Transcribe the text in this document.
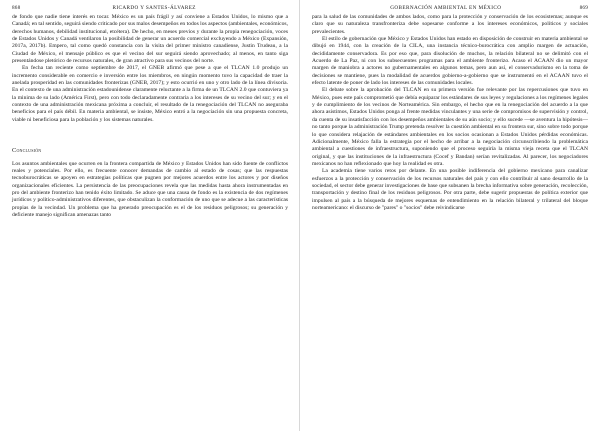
868	RICARDO Y SANTES-ÁLVAREZ

de fondo que nadie tiene interés en tocar. México es un país frágil y así conviene a Estados Unidos, lo mismo que a Canadá; en tal sentido, seguirá siendo criticado por sus malos desempeños en todos los aspectos (ambientales, económicos, derechos humanos, debilidad institucional, etcétera). De hecho, en meses previos y durante la propia renegociación, voces de Estados Unidos y Canadá ventilaron la posibilidad de generar un acuerdo comercial excluyendo a México (Expansión, 2017a, 2017b). Empero, tal como quedó constancia con la visita del primer ministro canadiense, Justin Trudeau, a la Ciudad de México, el mensaje público es que el vecino del sur seguirá siendo aprovechado; al menos, en tanto siga presentándose pletórico de recursos naturales, de gran atractivo para sus vecinos del norte.

En fecha tan reciente como septiembre de 2017, el GNEB afirmó que pese a que el TLCAN 1.0 produjo un incremento considerable en comercio e inversión entre los miembros, en ningún momento tuvo la capacidad de traer la anelada prosperidad en las comunidades fronterizas (GNEB, 2017); y esto ocurrió en uno y otro lado de la línea divisoria. En el contexto de una administración estadounidense claramente reluctante a la firma de un TLCAN 2.0 que contuviera ya la minima de su lado (América First), pero con todo declaradamente contraria a los intereses de su vecino del sur; y en el contexto de una administración mexicana próxima a concluir, el resultado de la renegociación del TLCAN no aseguraba beneficios para el país débil. En materia ambiental, se insiste, México entró a la negociación sin una propuesta concreta, viable ni beneficiosa para la población y los sistemas naturales.

Conclusión

Los asuntos ambientales que ocurren en la frontera compartida de México y Estados Unidos han sido fuente de conflictos reales y potenciales. Por ello, es frecuente conocer demandas de cambio al estado de cosas; que las respuestas tecnoburocráticas se apoyen en estrategias políticas que pugnen por mejores acuerdos entre los actores y por diseños organizacionales eficientes. La persistencia de las preocupaciones revela que las medidas hasta ahora instrumentadas en pro del ambiente fronterizo han tenido éxito limitado. Se aduce que una causa de fondo es la existencia de dos regímenes jurídicos y político-administrativos diferentes, que obstaculizan la conformación de uno que se adecue a las características propias de la vecindad. Un problema que ha generado preocupación es el de los residuos peligrosos; su generación y deficiente manejo significan amenazas tanto

GOBERNACIÓN AMBIENTAL EN MÉXICO	869

para la salud de las comunidades de ambos lados, como para la protección y conservación de los ecosistemas; aunque es claro que su naturaleza transfronteriza debe sopesarse conforme a los intereses económicos, políticos y sociales prevalecientes.

El estilo de gobernación que México y Estados Unidos han estado en disposición de construir en materia ambiental se dibujó en 1944, con la creación de la CILA, una instancia técnico-burocrática con amplio margen de actuación, decididamente conservadora. Es por eso que, para disolución de muchos, la relación bilateral no se delimitó con el Acuerdo de La Paz, ni con los subsecuentes programas para el ambiente fronterizo. Acaso el ACAAN dio un mayor margen de maniobra a actores no gubernamentales en algunos temas, pero aun así, el conservadurismo en la toma de decisiones se mantiene, pues la modalidad de acuerdos gobierno-a-gobierno que se instrumentó en el ACAAN tuvo el efecto latente de poner de lado los intereses de las comunidades locales.

El debate sobre la aprobación del TLCAN en su primera versión fue relevante por las repercusiones que tuvo en México, pues este país comprometió que debía equiparar los estándares de sus leyes y regulaciones a los regímenes legales y de cumplimiento de los vecinos de Norteamérica. Sin embargo, el hecho que en la renegociación del acuerdo a la que ahora asistimos, Estados Unidos ponga al frente medidas vinculantes y una serie de compromisos de supervisión y control, da cuenta de su insatisfacción con los desempeños ambientales de su aún socio; y ello sucede —se aventura la hipótesis— no tanto porque la administración Trump pretenda resolver la cuestión ambiental en su frontera sur, sino sobre todo porque lo que considera relajación de estándares ambientales en los socios ocasionan a Estados Unidos pérdidas económicas. Adicionalmente, México falla la estrategia por el hecho de arribar a la negociación circunscribiendo la problemática ambiental a cuestiones de infraestructura, suponiendo que el proceso seguiría la misma vieja receta que el TLCAN original, y que las instituciones de la infraestructura (Cocef y Bandan) serían revitalizadas. Al parecer, los negociadores mexicanos no han reflexionado que hoy la realidad es otra.

La academia tiene varios retos por delante. En una posible indiferencia del gobierno mexicano para canalizar esfuerzos a la protección y conservación de los recursos naturales del país y con ello contribuir al sano desarrollo de la sociedad, el sector debe generar investigaciones de base que subsanen la brecha informativa sobre generación, recolección, transportación y destino final de los residuos peligrosos. Por otra parte, debe sugerir propuestas de política exterior que impulsen al país a la búsqueda de mejores esquemas de entendimiento en la relación bilateral y trilateral del bloque norteamericano: el discurso de "pares" o "socios" debe reivindicarse
